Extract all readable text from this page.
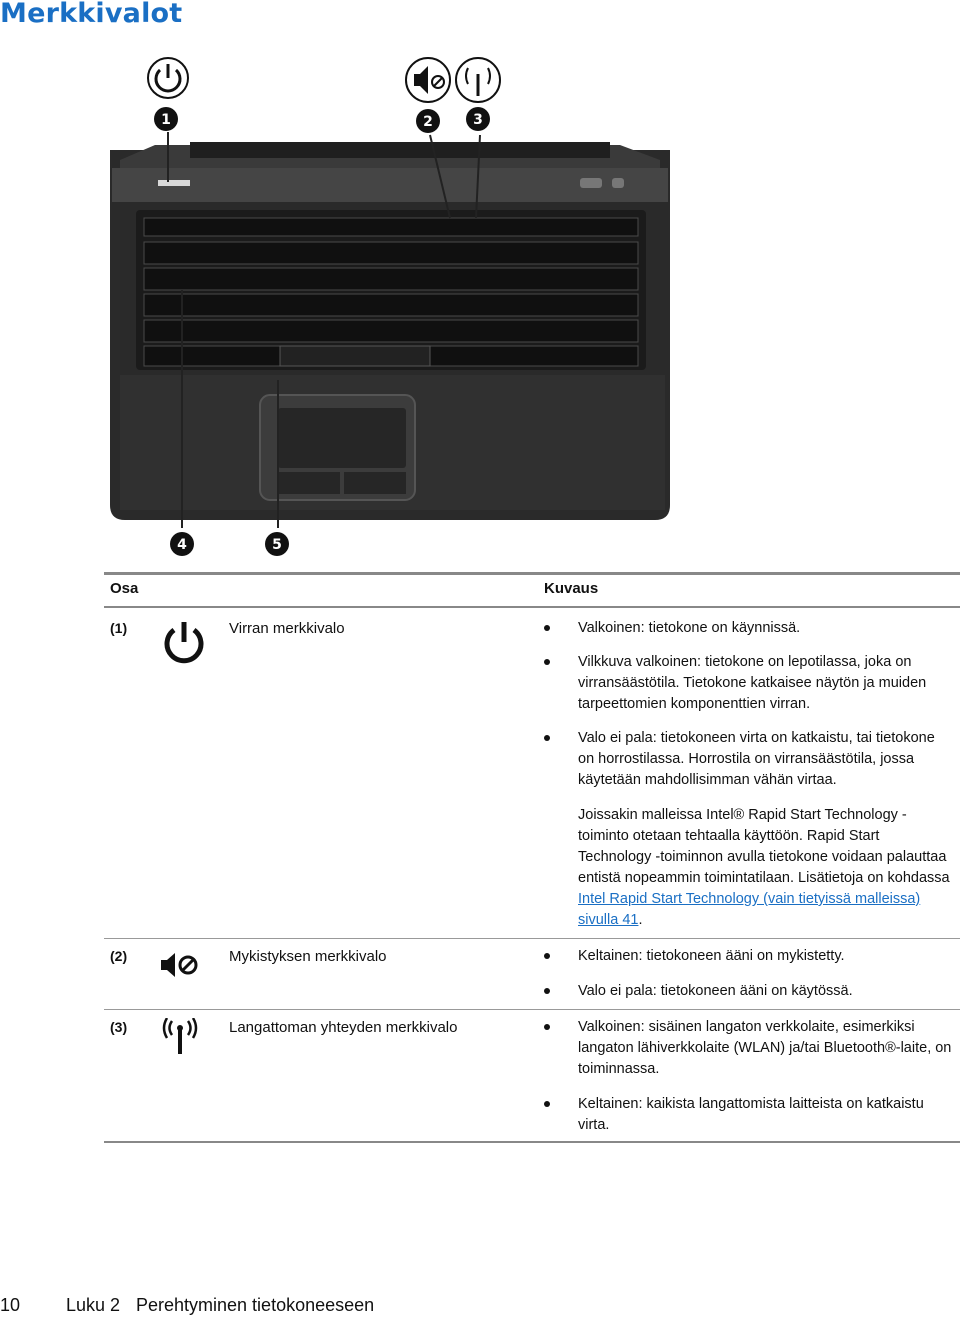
Merkkivalot
1	2	3
4	5
Osa	Kuvaus
(1)	Virran merkkivalo	Valkoinen: tietokone on käynnissä.
Vilkkuva valkoinen: tietokone on lepotilassa, joka on virransäästötila. Tietokone katkaisee näytön ja muiden tarpeettomien komponenttien virran.
Valo ei pala: tietokoneen virta on katkaistu, tai tietokone on horrostilassa. Horrostila on virransäästötila, jossa käytetään mahdollisimman vähän virtaa.
Joissakin malleissa Intel® Rapid Start Technology -toiminto otetaan tehtaalla käyttöön. Rapid Start Technology -toiminnon avulla tietokone voidaan palauttaa entistä nopeammin toimintatilaan. Lisätietoja on kohdassa Intel Rapid Start Technology (vain tietyissä malleissa) sivulla 41.
(2)	Mykistyksen merkkivalo	Keltainen: tietokoneen ääni on mykistetty.
Valo ei pala: tietokoneen ääni on käytössä.
(3)	Langattoman yhteyden merkkivalo	Valkoinen: sisäinen langaton verkkolaite, esimerkiksi langaton lähiverkkolaite (WLAN) ja/tai Bluetooth®-laite, on toiminnassa.
Keltainen: kaikista langattomista laitteista on katkaistu virta.
10	Luku 2 Perehtyminen tietokoneeseen
